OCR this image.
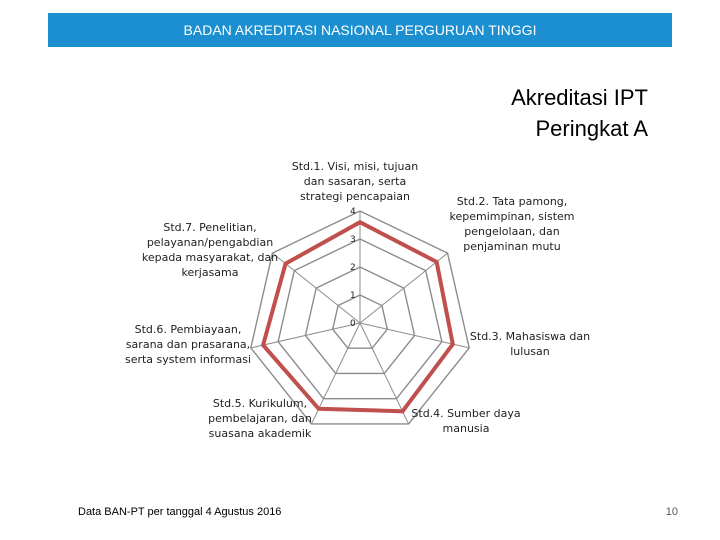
BADAN AKREDITASI NASIONAL PERGURUAN TINGGI
Akreditasi IPT
Peringkat A
0
1
2
3
4
Std.1. Visi, misi, tujuan dan sasaran, serta strategi pencapaian	Std.2. Tata pamong, kepemimpinan, sistem pengelolaan, dan penjaminan mutu
Std.3. Mahasiswa dan lulusan
Std.4. Sumber daya manusia
Std.5. Kurikulum, pembelajaran, dan suasana akademik
Std.6. Pembiayaan, sarana dan prasarana, serta system informasi
Std.7. Penelitian, pelayanan/pengabdian kepada masyarakat, dan kerjasama
Data BAN-PT per tanggal 4 Agustus 2016	10
